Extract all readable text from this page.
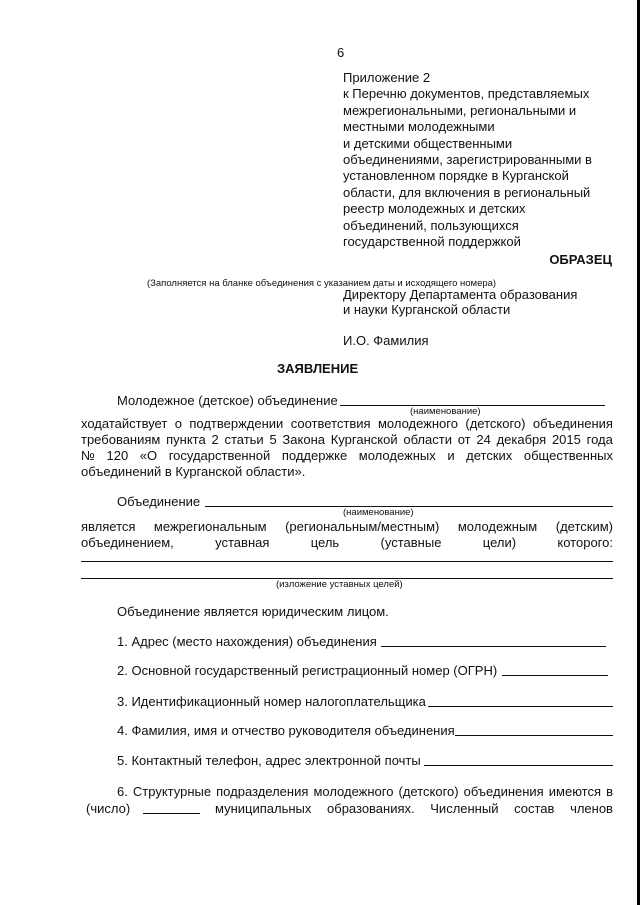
6
Приложение 2
к Перечню документов, представляемых
межрегиональными, региональными и
местными молодежными
и детскими общественными
объединениями, зарегистрированными в
установленном порядке в Курганской
области, для включения в региональный
реестр молодежных и детских
объединений, пользующихся
государственной поддержкой
ОБРАЗЕЦ
(Заполняется на бланке объединения с указанием даты и исходящего номера)
Директору Департамента образования
и науки Курганской области
И.О. Фамилия
ЗАЯВЛЕНИЕ
Молодежное (детское) объединение
(наименование)
ходатайствует о подтверждении соответствия молодежного (детского) объединения
требованиям пункта 2 статьи 5 Закона Курганской области от 24 декабря 2015 года
№ 120 «О государственной поддержке молодежных и детских общественных
объединений в Курганской области».
Объединение
(наименование)
является межрегиональным (региональным/местным) молодежным (детским)
объединением,	уставная	цель	(уставные	цели)	которого:
(изложение уставных целей)
Объединение является юридическим лицом.
1. Адрес (место нахождения) объединения
2. Основной государственный регистрационный номер (ОГРН)
3. Идентификационный номер налогоплательщика
4. Фамилия, имя и отчество руководителя объединения
5. Контактный телефон, адрес электронной почты
6. Структурные подразделения молодежного (детского) объединения имеются в
(число)	муниципальных образованиях. Численный состав членов
